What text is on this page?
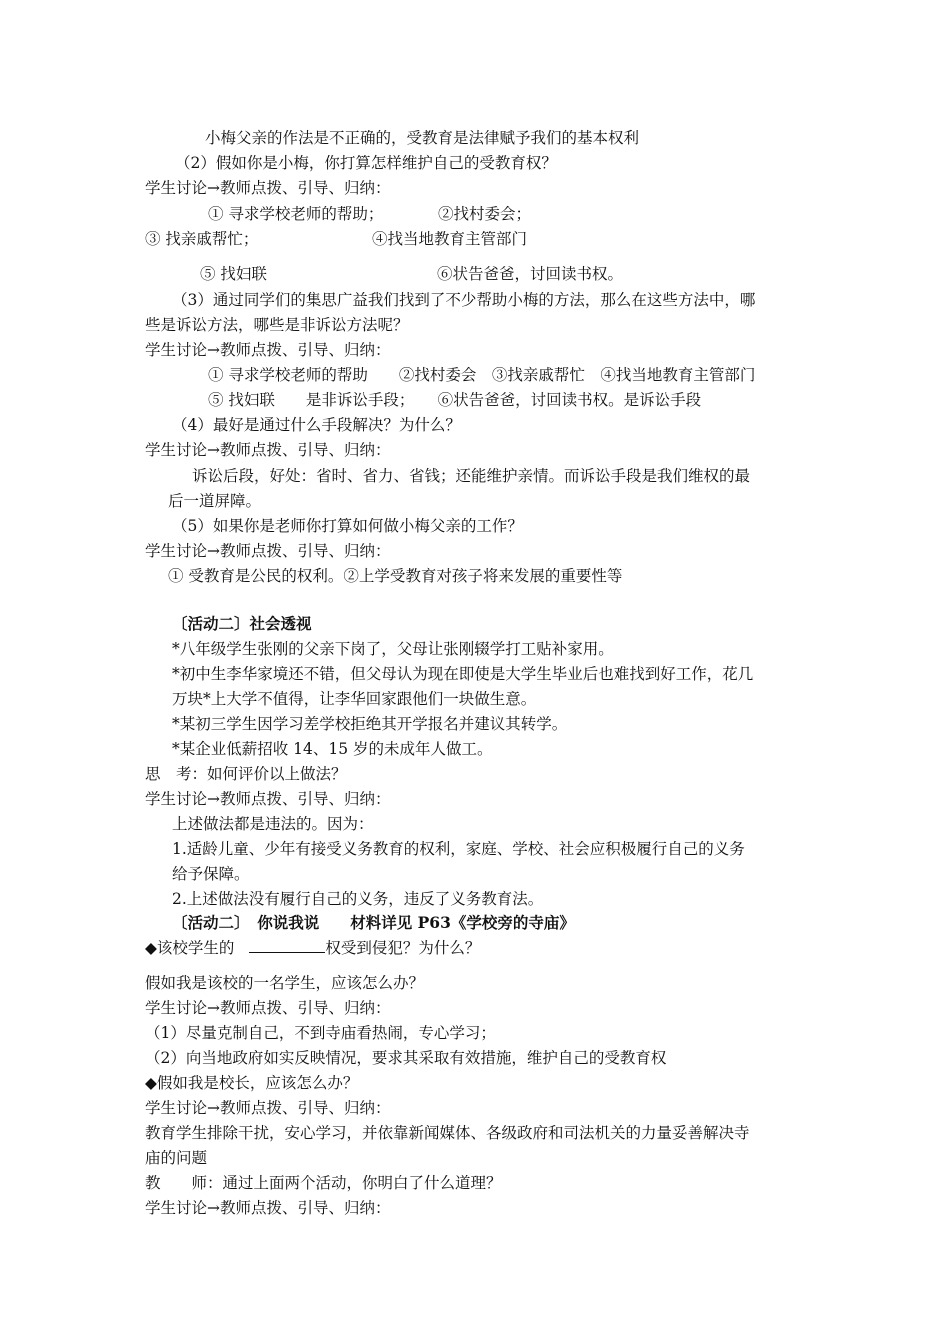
小梅父亲的作法是不正确的，受教育是法律赋予我们的基本权利
（2）假如你是小梅，你打算怎样维护自己的受教育权？
学生讨论→教师点拨、引导、归纳：
① 寻求学校老师的帮助；	②找村委会；
③ 找亲戚帮忙；	④找当地教育主管部门
⑤ 找妇联	⑥状告爸爸，讨回读书权。
（3）通过同学们的集思广益我们找到了不少帮助小梅的方法，那么在这些方法中，哪
些是诉讼方法，哪些是非诉讼方法呢？
学生讨论→教师点拨、引导、归纳：
① 寻求学校老师的帮助　　②找村委会　③找亲戚帮忙　④找当地教育主管部门
⑤ 找妇联　　是非诉讼手段；　　⑥状告爸爸，讨回读书权。是诉讼手段
（4）最好是通过什么手段解决？为什么？
学生讨论→教师点拨、引导、归纳：
诉讼后段，好处：省时、省力、省钱；还能维护亲情。而诉讼手段是我们维权的最
后一道屏障。
（5）如果你是老师你打算如何做小梅父亲的工作？
学生讨论→教师点拨、引导、归纳：
① 受教育是公民的权利。②上学受教育对孩子将来发展的重要性等
〔活动二〕社会透视
*八年级学生张刚的父亲下岗了，父母让张刚辍学打工贴补家用。
*初中生李华家境还不错，但父母认为现在即使是大学生毕业后也难找到好工作，花几
万块*上大学不值得，让李华回家跟他们一块做生意。
*某初三学生因学习差学校拒绝其开学报名并建议其转学。
*某企业低薪招收 14、15 岁的未成年人做工。
思　考：如何评价以上做法？
学生讨论→教师点拨、引导、归纳：
上述做法都是违法的。因为：
1.适龄儿童、少年有接受义务教育的权利，家庭、学校、社会应积极履行自己的义务
给予保障。
2.上述做法没有履行自己的义务，违反了义务教育法。
〔活动二〕　你说我说　　材料详见 P63《学校旁的寺庙》
◆该校学生的	权受到侵犯？为什么？
假如我是该校的一名学生，应该怎么办？
学生讨论→教师点拨、引导、归纳：
（1）尽量克制自己，不到寺庙看热闹，专心学习；
（2）向当地政府如实反映情况，要求其采取有效措施，维护自己的受教育权
◆假如我是校长，应该怎么办？
学生讨论→教师点拨、引导、归纳：
教育学生排除干扰，安心学习，并依靠新闻媒体、各级政府和司法机关的力量妥善解决寺
庙的问题
教　　师：通过上面两个活动，你明白了什么道理？
学生讨论→教师点拨、引导、归纳：
